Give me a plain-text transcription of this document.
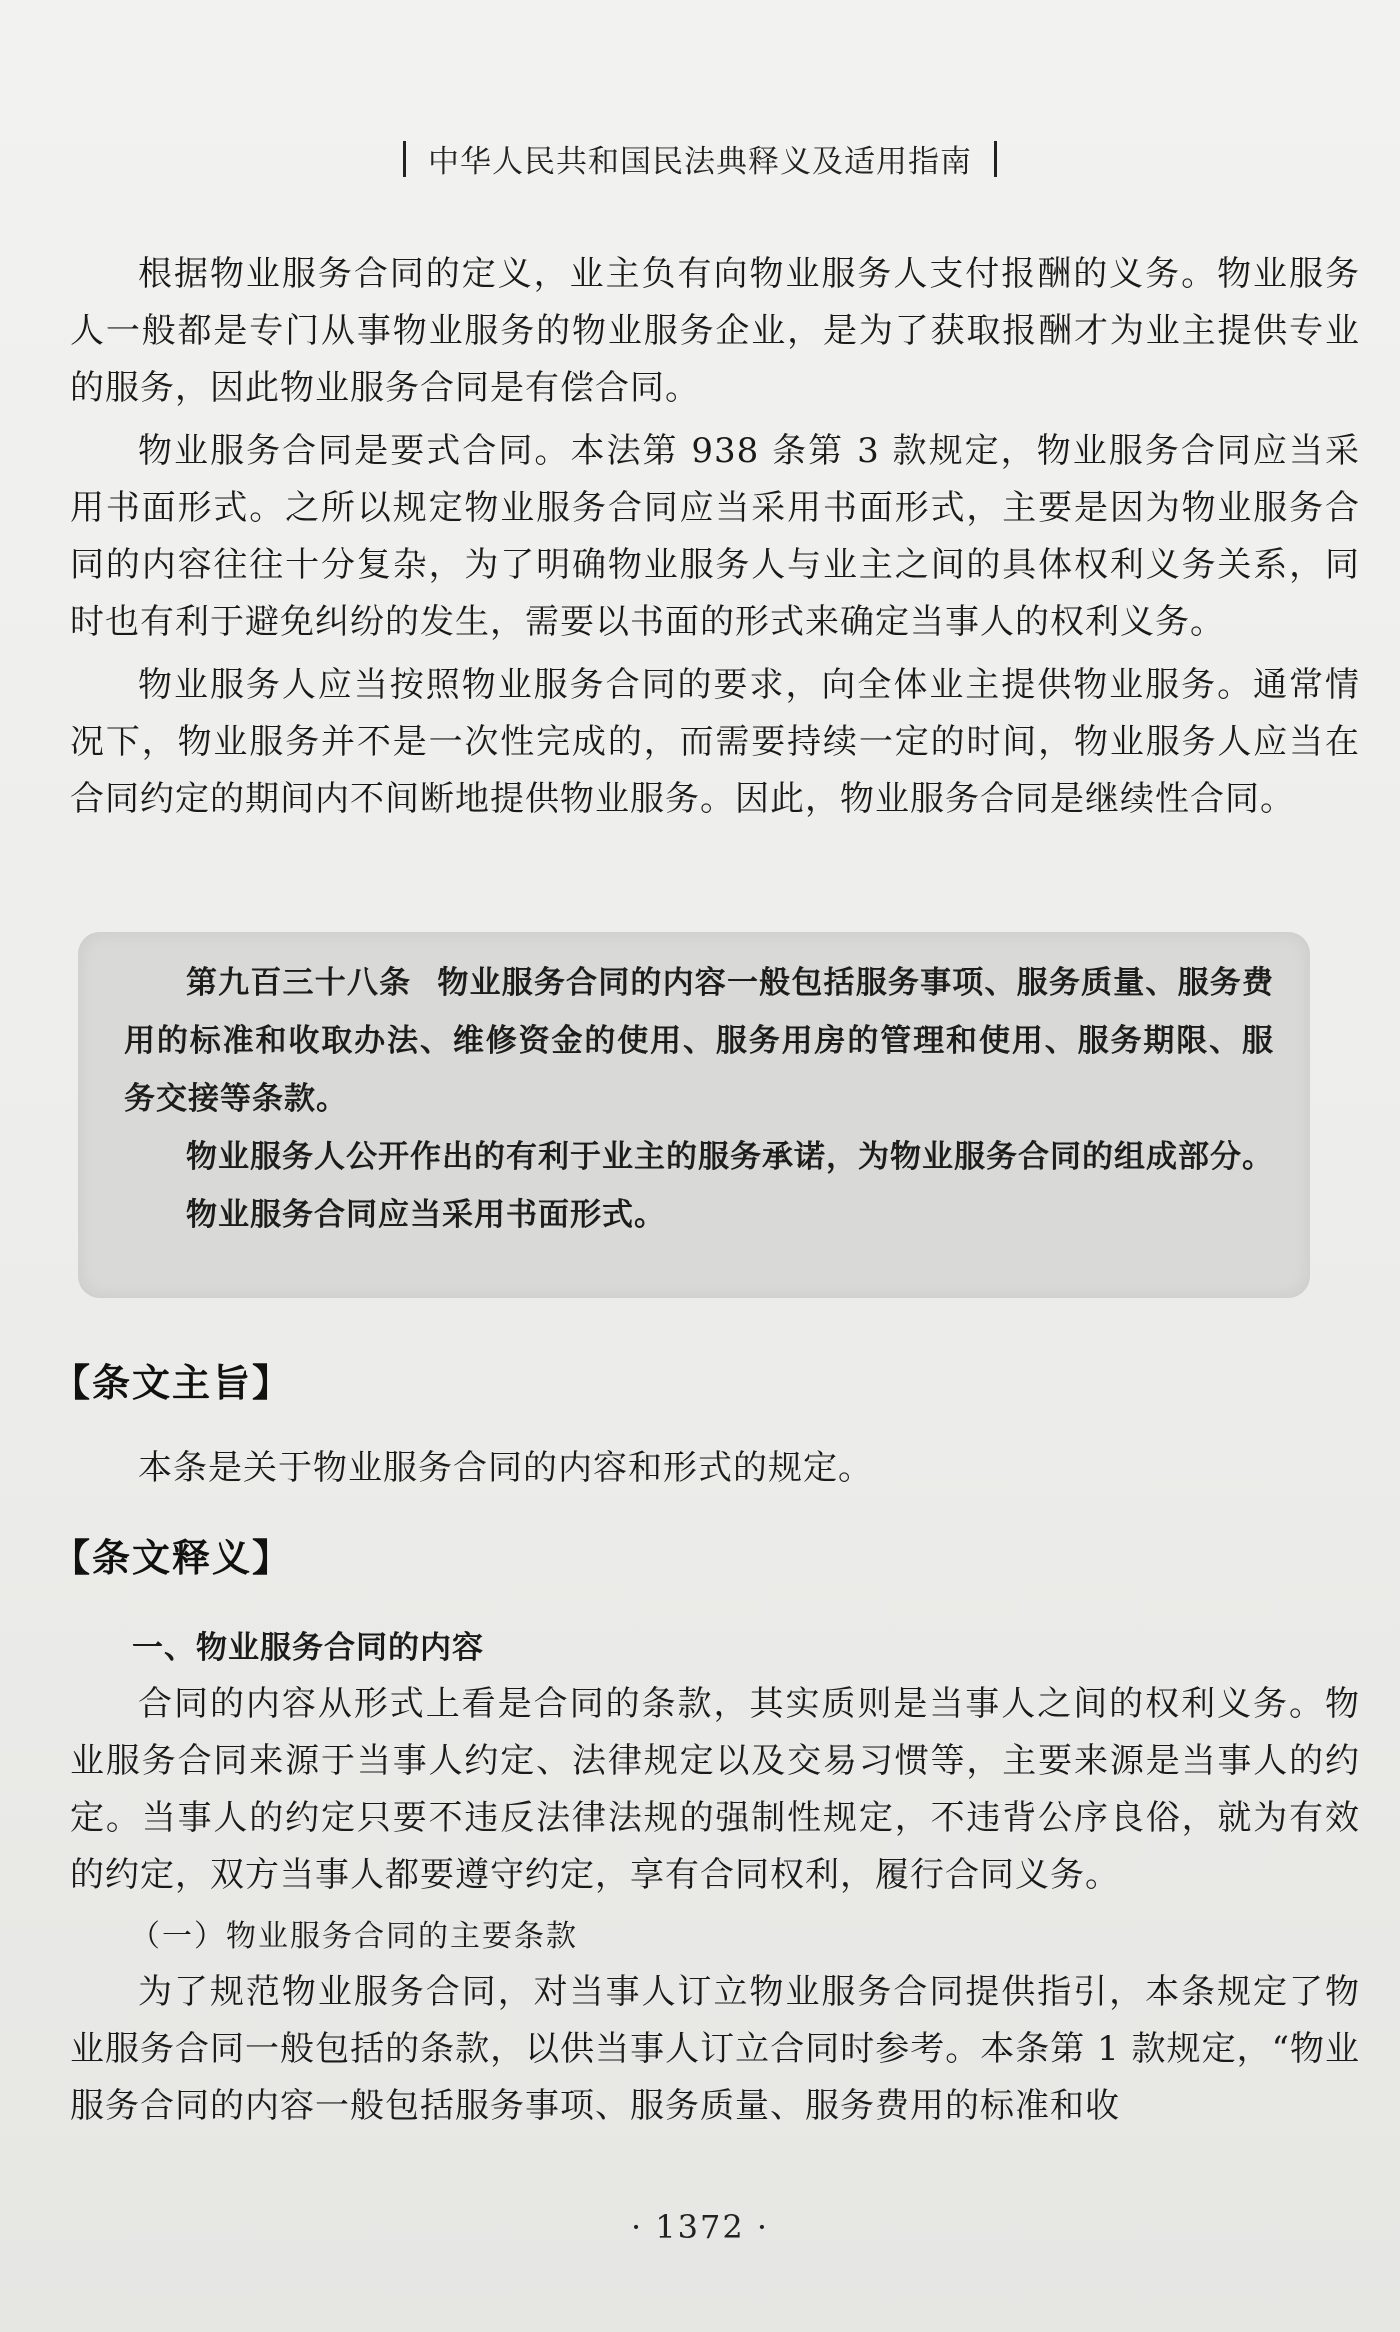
中华人民共和国民法典释义及适用指南

根据物业服务合同的定义，业主负有向物业服务人支付报酬的义务。物业服务人一般都是专门从事物业服务的物业服务企业，是为了获取报酬才为业主提供专业的服务，因此物业服务合同是有偿合同。

物业服务合同是要式合同。本法第 938 条第 3 款规定，物业服务合同应当采用书面形式。之所以规定物业服务合同应当采用书面形式，主要是因为物业服务合同的内容往往十分复杂，为了明确物业服务人与业主之间的具体权利义务关系，同时也有利于避免纠纷的发生，需要以书面的形式来确定当事人的权利义务。

物业服务人应当按照物业服务合同的要求，向全体业主提供物业服务。通常情况下，物业服务并不是一次性完成的，而需要持续一定的时间，物业服务人应当在合同约定的期间内不间断地提供物业服务。因此，物业服务合同是继续性合同。

第九百三十八条 物业服务合同的内容一般包括服务事项、服务质量、服务费用的标准和收取办法、维修资金的使用、服务用房的管理和使用、服务期限、服务交接等条款。

物业服务人公开作出的有利于业主的服务承诺，为物业服务合同的组成部分。

物业服务合同应当采用书面形式。

【条文主旨】

本条是关于物业服务合同的内容和形式的规定。

【条文释义】

一、物业服务合同的内容

合同的内容从形式上看是合同的条款，其实质则是当事人之间的权利义务。物业服务合同来源于当事人约定、法律规定以及交易习惯等，主要来源是当事人的约定。当事人的约定只要不违反法律法规的强制性规定，不违背公序良俗，就为有效的约定，双方当事人都要遵守约定，享有合同权利，履行合同义务。

（一）物业服务合同的主要条款

为了规范物业服务合同，对当事人订立物业服务合同提供指引，本条规定了物业服务合同一般包括的条款，以供当事人订立合同时参考。本条第 1 款规定，“物业服务合同的内容一般包括服务事项、服务质量、服务费用的标准和收

· 1372 ·
